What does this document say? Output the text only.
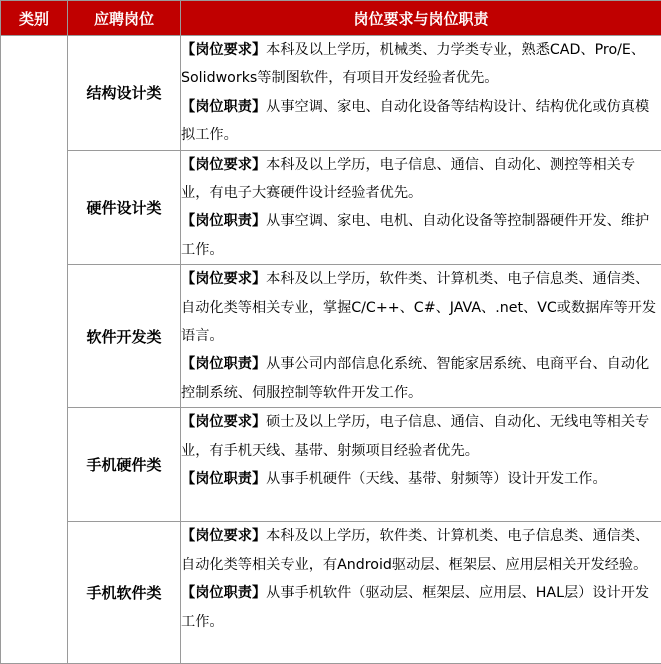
类别	应聘岗位	岗位要求与岗位职责
	结构设计类	【岗位要求】本科及以上学历，机械类、力学类专业，熟悉CAD、Pro/E、Solidworks等制图软件，有项目开发经验者优先。

【岗位职责】从事空调、家电、自动化设备等结构设计、结构优化或仿真模拟工作。

	硬件设计类	【岗位要求】本科及以上学历，电子信息、通信、自动化、测控等相关专业，有电子大赛硬件设计经验者优先。

【岗位职责】从事空调、家电、电机、自动化设备等控制器硬件开发、维护工作。

	软件开发类	【岗位要求】本科及以上学历，软件类、计算机类、电子信息类、通信类、自动化类等相关专业，掌握C/C++、C#、JAVA、.net、VC或数据库等开发语言。

【岗位职责】从事公司内部信息化系统、智能家居系统、电商平台、自动化控制系统、伺服控制等软件开发工作。

	手机硬件类	【岗位要求】硕士及以上学历，电子信息、通信、自动化、无线电等相关专业，有手机天线、基带、射频项目经验者优先。

【岗位职责】从事手机硬件（天线、基带、射频等）设计开发工作。

	手机软件类	【岗位要求】本科及以上学历，软件类、计算机类、电子信息类、通信类、自动化类等相关专业，有Android驱动层、框架层、应用层相关开发经验。

【岗位职责】从事手机软件（驱动层、框架层、应用层、HAL层）设计开发工作。
